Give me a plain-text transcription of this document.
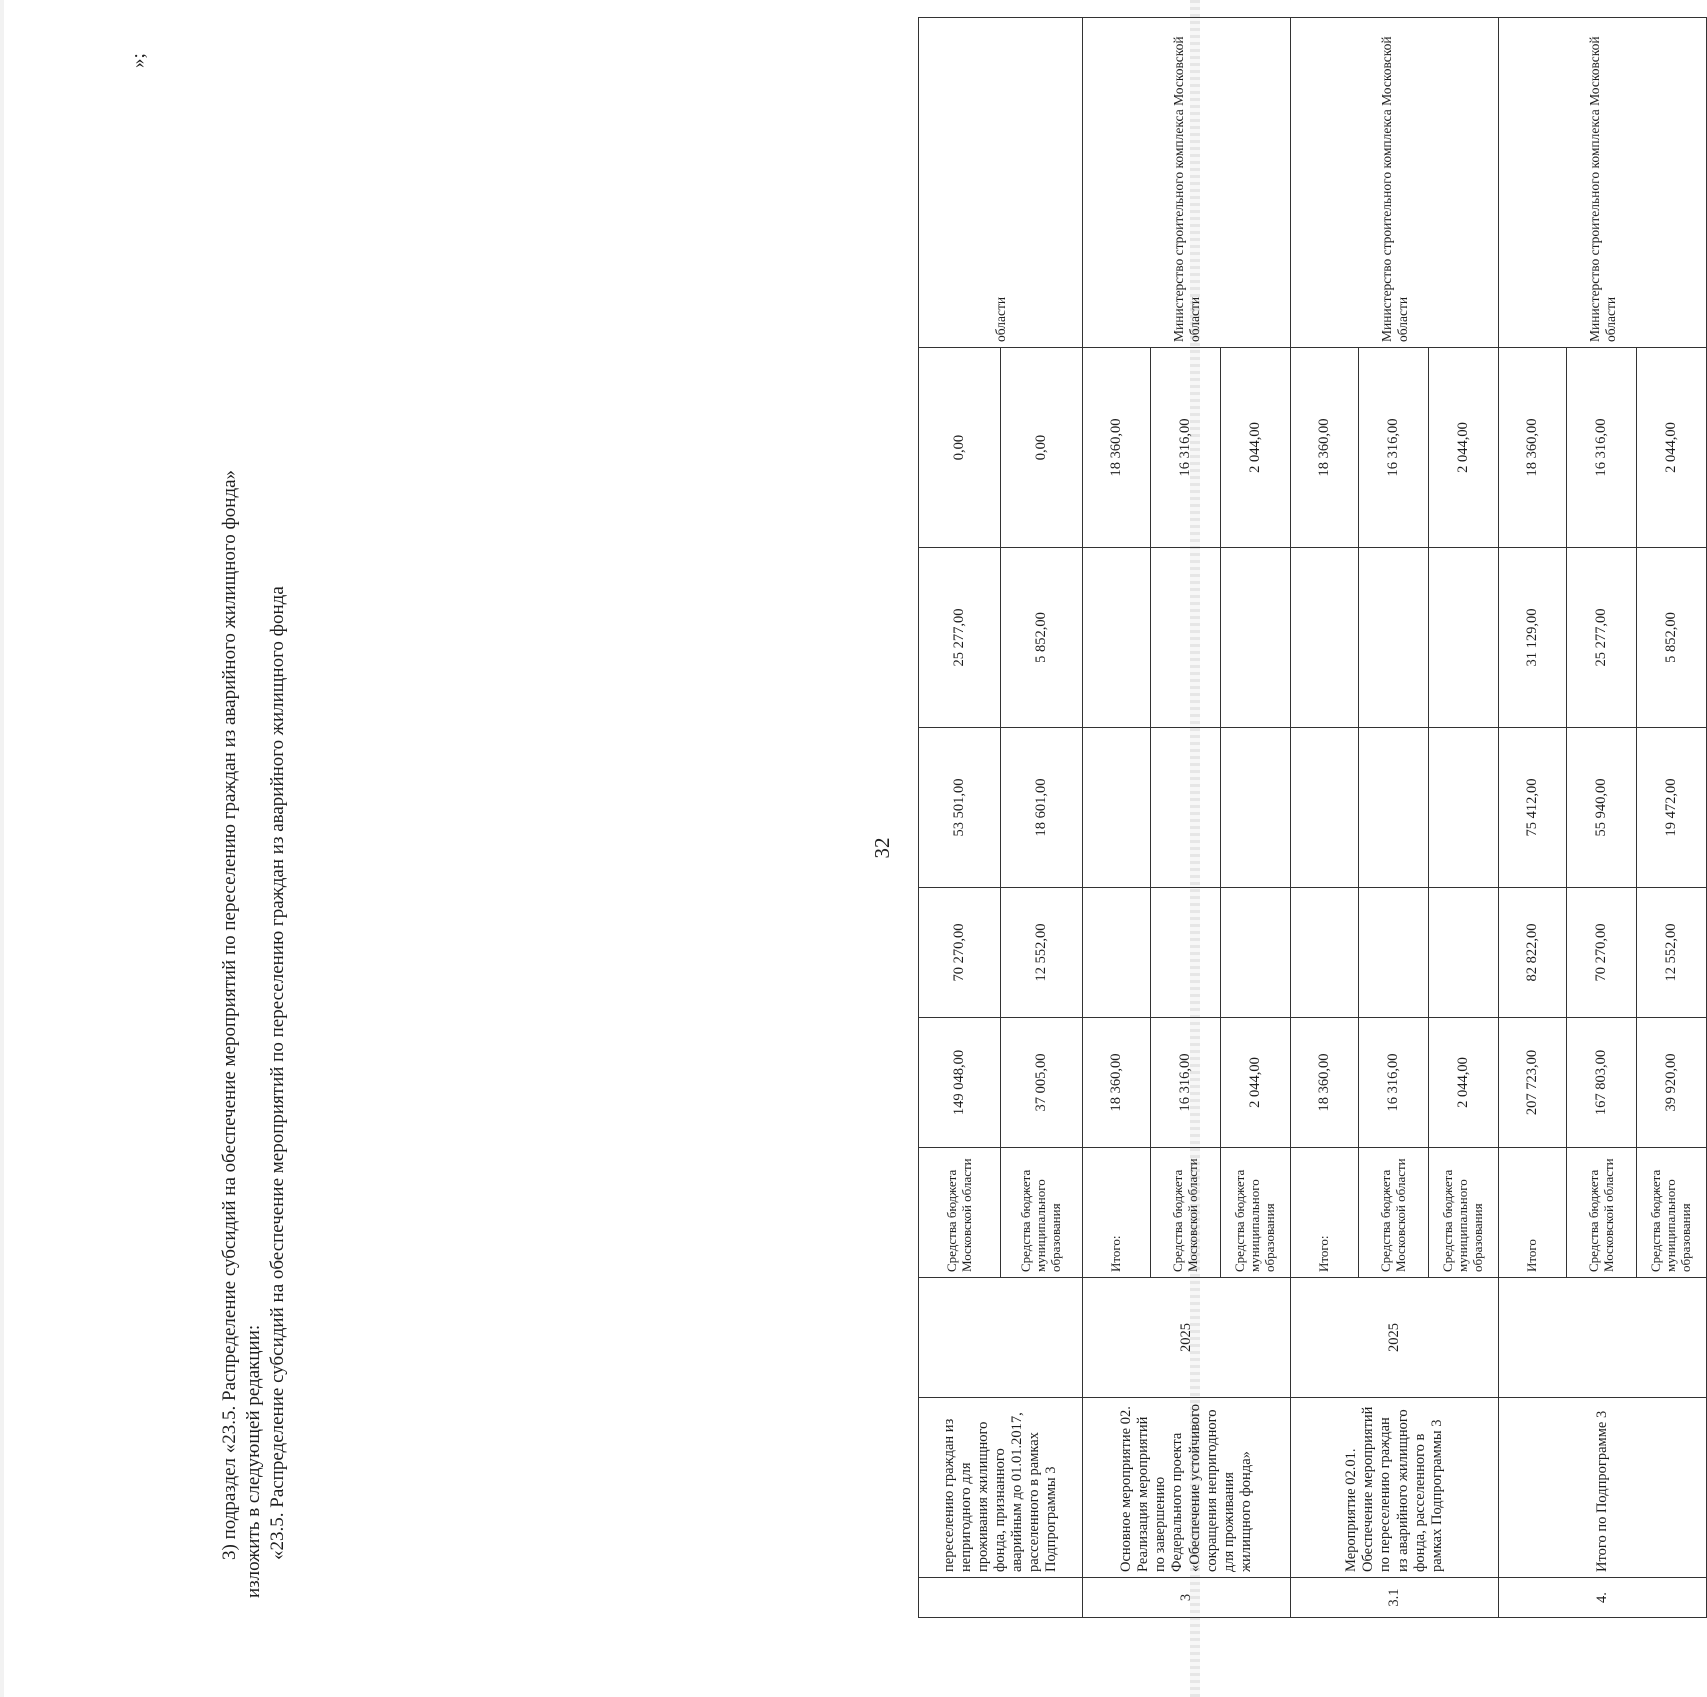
32
»;
	переселению граждан из непригодного для проживания жилищного фонда, признанного аварийным до 01.01.2017, расселенного в рамках Подпрограммы 3		Средства бюджета Московской области	149 048,00	70 270,00	53 501,00	25 277,00	0,00	области
			Средства бюджета муниципального образования	37 005,00	12 552,00	18 601,00	5 852,00	0,00	
3	Основное мероприятие 02. Реализация мероприятий по завершению Федерального проекта «Обеспечение устойчивого сокращения непригодного для проживания жилищного фонда»	2025	Итого:	18 360,00				18 360,00	Министерство строительного комплекса Московской области
			Средства бюджета Московской области	16 316,00				16 316,00	
			Средства бюджета муниципального образования	2 044,00				2 044,00	
3.1	Мероприятие 02.01. Обеспечение мероприятий по переселению граждан из аварийного жилищного фонда, расселенного в рамках Подпрограммы 3	2025	Итого:	18 360,00				18 360,00	Министерство строительного комплекса Московской области
			Средства бюджета Московской области	16 316,00				16 316,00	
			Средства бюджета муниципального образования	2 044,00				2 044,00	
4.	Итого по Подпрограмме 3		Итого	207 723,00	82 822,00	75 412,00	31 129,00	18 360,00	Министерство строительного комплекса Московской области
			Средства бюджета Московской области	167 803,00	70 270,00	55 940,00	25 277,00	16 316,00	
			Средства бюджета муниципального образования	39 920,00	12 552,00	19 472,00	5 852,00	2 044,00	

3) подраздел «23.5. Распределение субсидий на обеспечение мероприятий по переселению граждан из аварийного жилищного фонда» изложить в следующей редакции: «23.5. Распределение субсидий на обеспечение мероприятий по переселению граждан из аварийного жилищного фонда
